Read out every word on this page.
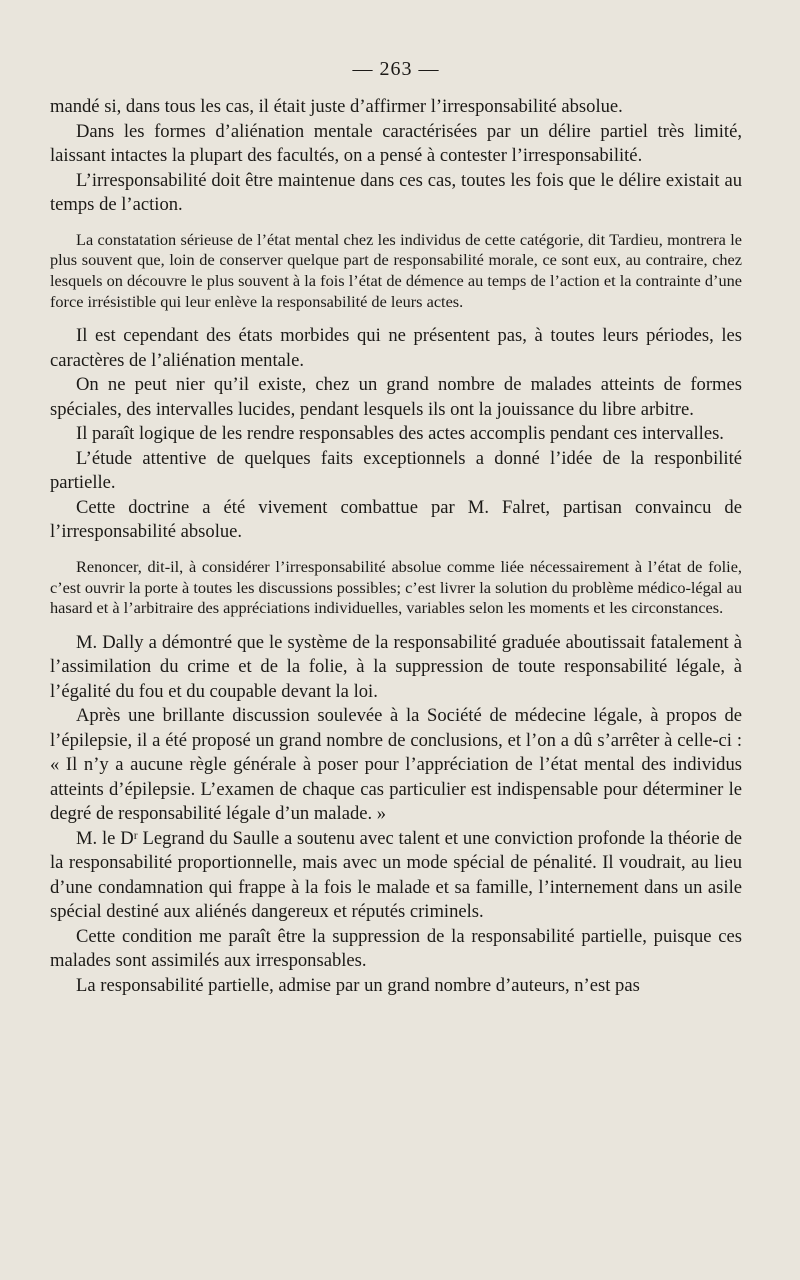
— 263 —

mandé si, dans tous les cas, il était juste d’affirmer l’irresponsabilité absolue.

Dans les formes d’aliénation mentale caractérisées par un délire partiel très limité, laissant intactes la plupart des facultés, on a pensé à contester l’irresponsabilité.

L’irresponsabilité doit être maintenue dans ces cas, toutes les fois que le délire existait au temps de l’action.

La constatation sérieuse de l’état mental chez les individus de cette catégorie, dit Tardieu, montrera le plus souvent que, loin de conserver quelque part de responsabilité morale, ce sont eux, au contraire, chez lesquels on découvre le plus souvent à la fois l’état de démence au temps de l’action et la contrainte d’une force irrésistible qui leur enlève la responsabilité de leurs actes.

Il est cependant des états morbides qui ne présentent pas, à toutes leurs périodes, les caractères de l’aliénation mentale.

On ne peut nier qu’il existe, chez un grand nombre de malades atteints de formes spéciales, des intervalles lucides, pendant lesquels ils ont la jouissance du libre arbitre.

Il paraît logique de les rendre responsables des actes accomplis pendant ces intervalles.

L’étude attentive de quelques faits exceptionnels a donné l’idée de la responbilité partielle.

Cette doctrine a été vivement combattue par M. Falret, partisan convaincu de l’irresponsabilité absolue.

Renoncer, dit-il, à considérer l’irresponsabilité absolue comme liée nécessairement à l’état de folie, c’est ouvrir la porte à toutes les discussions possibles; c’est livrer la solution du problème médico-légal au hasard et à l’arbitraire des appréciations individuelles, variables selon les moments et les circonstances.

M. Dally a démontré que le système de la responsabilité graduée aboutissait fatalement à l’assimilation du crime et de la folie, à la suppression de toute responsabilité légale, à l’égalité du fou et du coupable devant la loi.

Après une brillante discussion soulevée à la Société de médecine légale, à propos de l’épilepsie, il a été proposé un grand nombre de conclusions, et l’on a dû s’arrêter à celle-ci : « Il n’y a aucune règle générale à poser pour l’appréciation de l’état mental des individus atteints d’épilepsie. L’examen de chaque cas particulier est indispensable pour déterminer le degré de responsabilité légale d’un malade. »

M. le Dʳ Legrand du Saulle a soutenu avec talent et une conviction profonde la théorie de la responsabilité proportionnelle, mais avec un mode spécial de pénalité. Il voudrait, au lieu d’une condamnation qui frappe à la fois le malade et sa famille, l’internement dans un asile spécial destiné aux aliénés dangereux et réputés criminels.

Cette condition me paraît être la suppression de la responsabilité partielle, puisque ces malades sont assimilés aux irresponsables.

La responsabilité partielle, admise par un grand nombre d’auteurs, n’est pas
